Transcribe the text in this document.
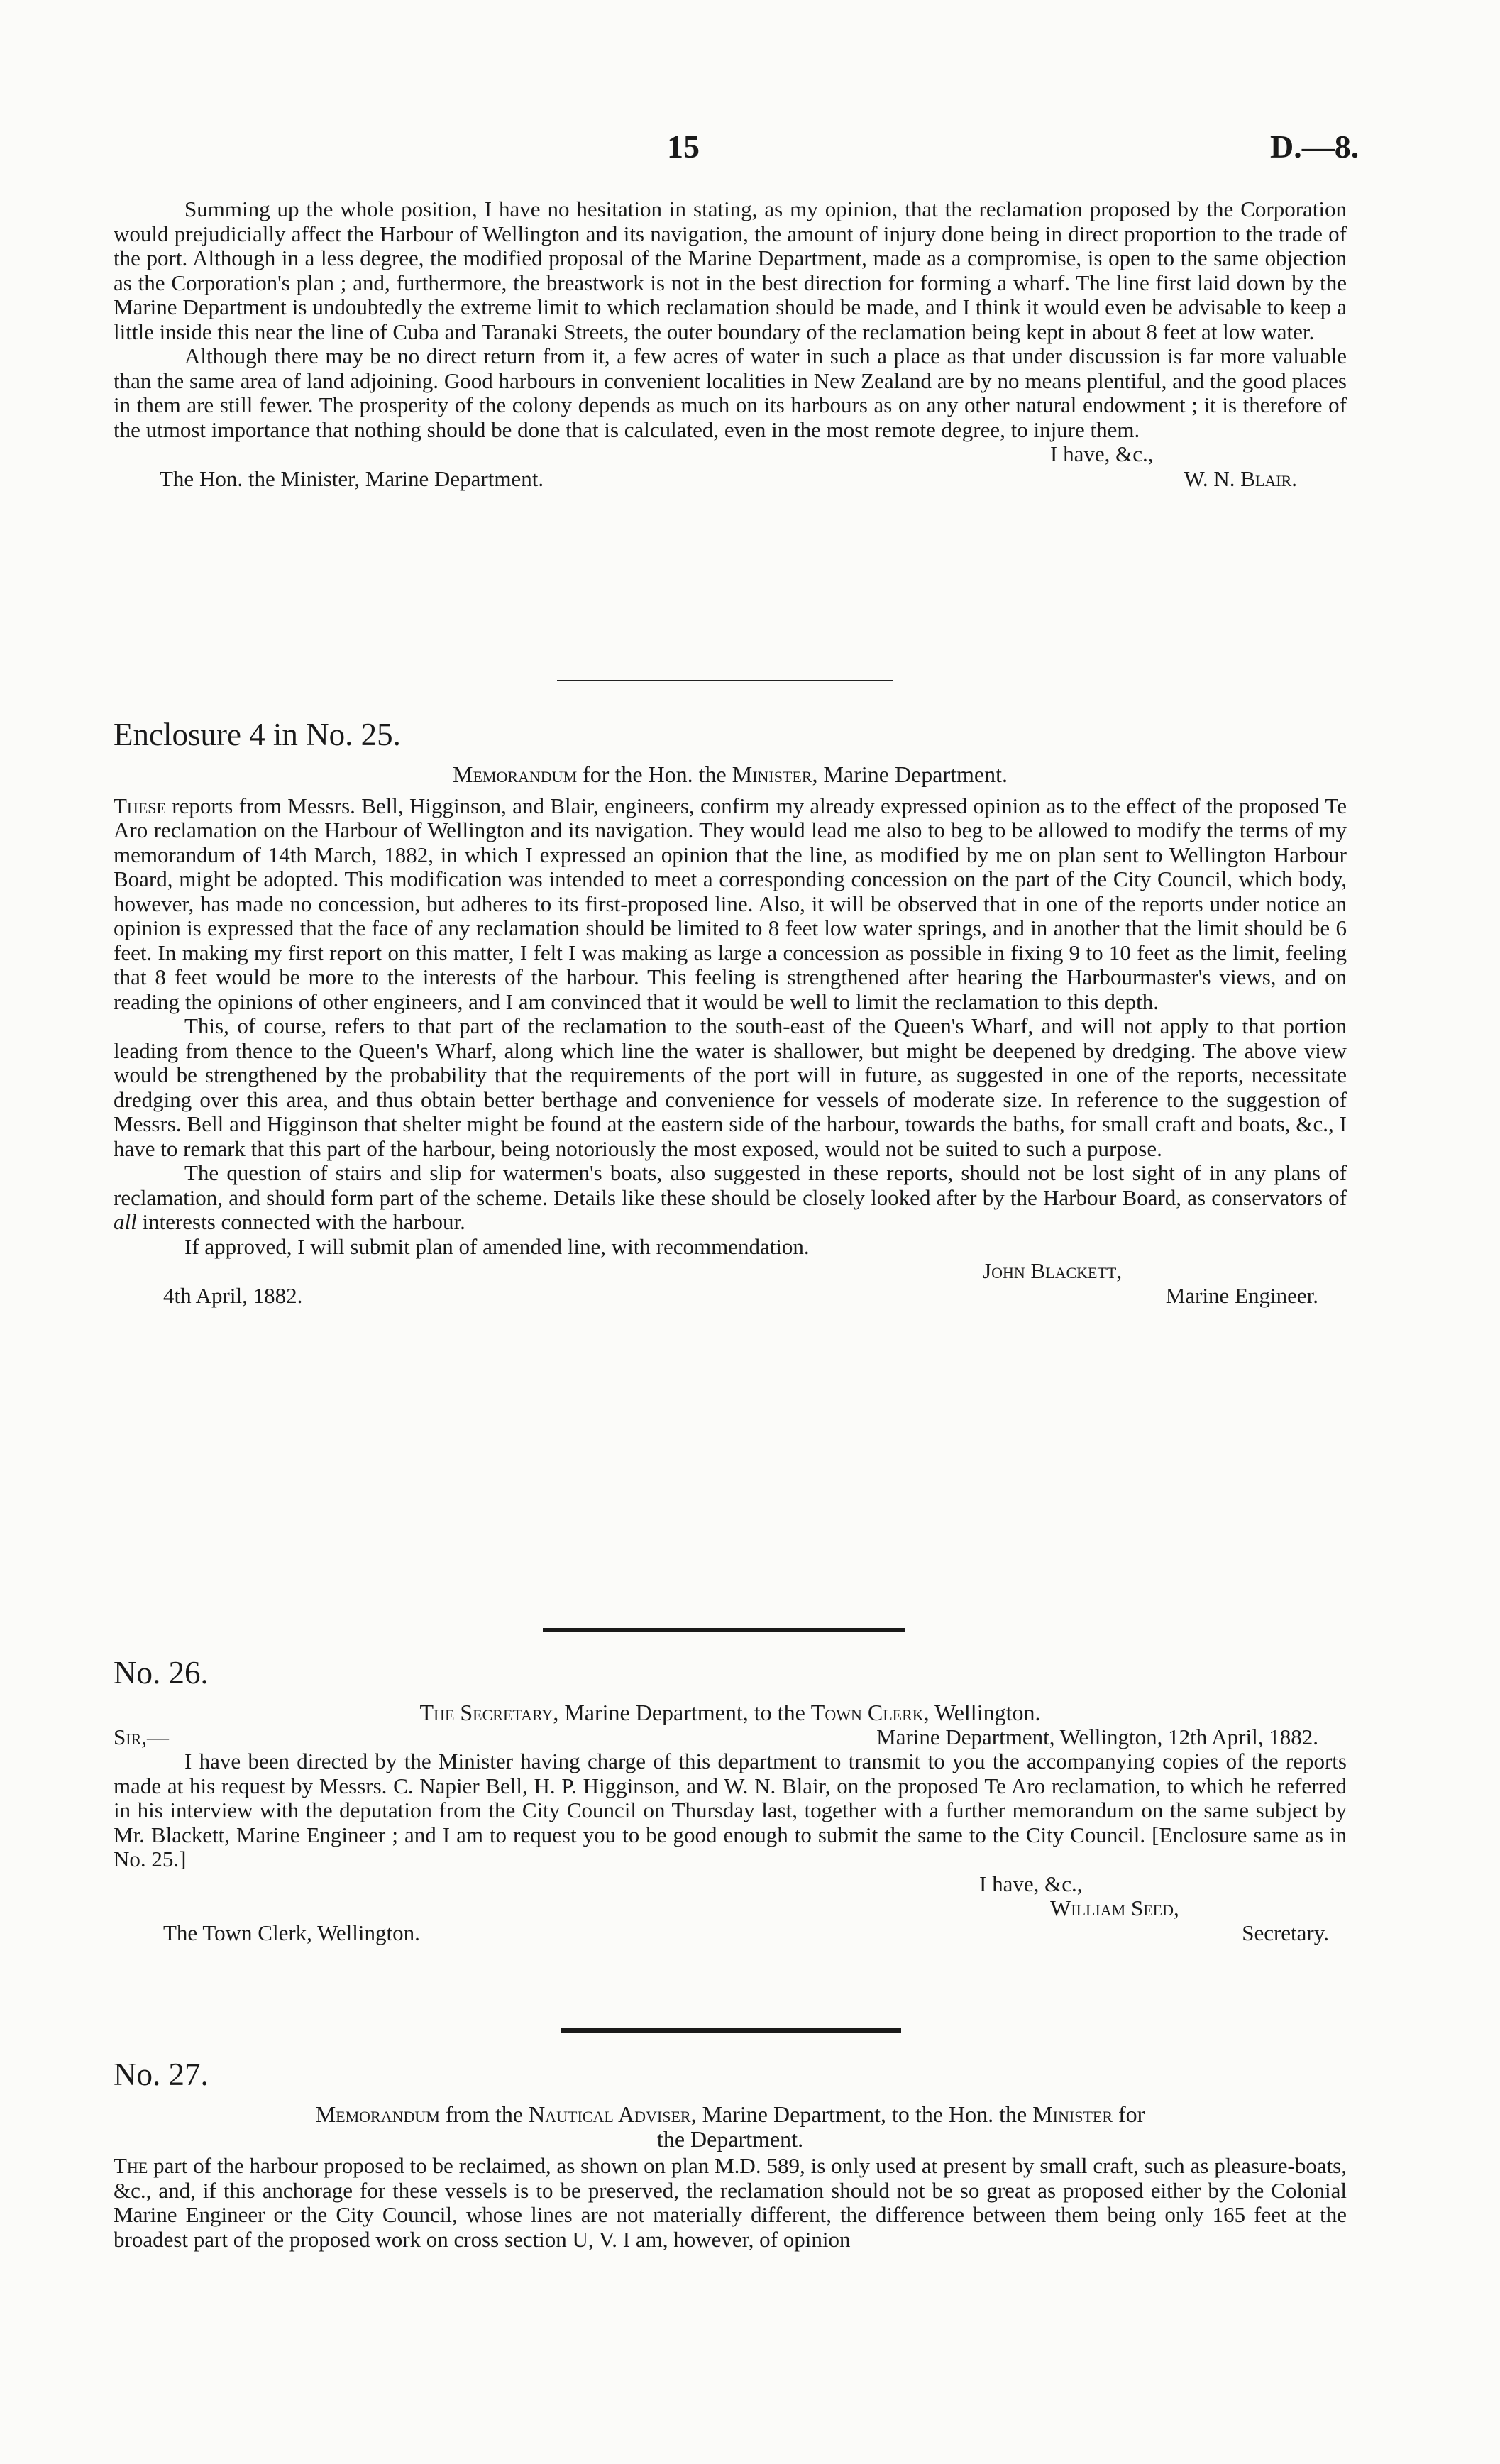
15	D.—8.

Summing up the whole position, I have no hesitation in stating, as my opinion, that the reclamation proposed by the Corporation would prejudicially affect the Harbour of Wellington and its navigation, the amount of injury done being in direct proportion to the trade of the port. Although in a less degree, the modified proposal of the Marine Department, made as a compromise, is open to the same objection as the Corporation's plan ; and, furthermore, the breastwork is not in the best direction for forming a wharf. The line first laid down by the Marine Department is undoubtedly the extreme limit to which reclamation should be made, and I think it would even be advisable to keep a little inside this near the line of Cuba and Taranaki Streets, the outer boundary of the reclamation being kept in about 8 feet at low water.

Although there may be no direct return from it, a few acres of water in such a place as that under discussion is far more valuable than the same area of land adjoining. Good harbours in convenient localities in New Zealand are by no means plentiful, and the good places in them are still fewer. The prosperity of the colony depends as much on its harbours as on any other natural endowment ; it is therefore of the utmost importance that nothing should be done that is calculated, even in the most remote degree, to injure them.

I have, &c.,
The Hon. the Minister, Marine Department.	W. N. Blair.

Enclosure 4 in No. 25.

Memorandum for the Hon. the Minister, Marine Department.

These reports from Messrs. Bell, Higginson, and Blair, engineers, confirm my already expressed opinion as to the effect of the proposed Te Aro reclamation on the Harbour of Wellington and its navigation. They would lead me also to beg to be allowed to modify the terms of my memorandum of 14th March, 1882, in which I expressed an opinion that the line, as modified by me on plan sent to Wellington Harbour Board, might be adopted. This modification was intended to meet a corresponding concession on the part of the City Council, which body, however, has made no concession, but adheres to its first-proposed line. Also, it will be observed that in one of the reports under notice an opinion is expressed that the face of any reclamation should be limited to 8 feet low water springs, and in another that the limit should be 6 feet. In making my first report on this matter, I felt I was making as large a concession as possible in fixing 9 to 10 feet as the limit, feeling that 8 feet would be more to the interests of the harbour. This feeling is strengthened after hearing the Harbourmaster's views, and on reading the opinions of other engineers, and I am convinced that it would be well to limit the reclamation to this depth.

This, of course, refers to that part of the reclamation to the south-east of the Queen's Wharf, and will not apply to that portion leading from thence to the Queen's Wharf, along which line the water is shallower, but might be deepened by dredging. The above view would be strengthened by the probability that the requirements of the port will in future, as suggested in one of the reports, necessitate dredging over this area, and thus obtain better berthage and convenience for vessels of moderate size. In reference to the suggestion of Messrs. Bell and Higginson that shelter might be found at the eastern side of the harbour, towards the baths, for small craft and boats, &c., I have to remark that this part of the harbour, being notoriously the most exposed, would not be suited to such a purpose.

The question of stairs and slip for watermen's boats, also suggested in these reports, should not be lost sight of in any plans of reclamation, and should form part of the scheme. Details like these should be closely looked after by the Harbour Board, as conservators of all interests connected with the harbour.

If approved, I will submit plan of amended line, with recommendation.

John Blackett,
4th April, 1882.	Marine Engineer.

No. 26.

The Secretary, Marine Department, to the Town Clerk, Wellington.

Sir,—	Marine Department, Wellington, 12th April, 1882.

I have been directed by the Minister having charge of this department to transmit to you the accompanying copies of the reports made at his request by Messrs. C. Napier Bell, H. P. Higginson, and W. N. Blair, on the proposed Te Aro reclamation, to which he referred in his interview with the deputation from the City Council on Thursday last, together with a further memorandum on the same subject by Mr. Blackett, Marine Engineer ; and I am to request you to be good enough to submit the same to the City Council. [Enclosure same as in No. 25.]

I have, &c.,
William Seed,
The Town Clerk, Wellington.	Secretary.

No. 27.

Memorandum from the Nautical Adviser, Marine Department, to the Hon. the Minister for
the Department.

The part of the harbour proposed to be reclaimed, as shown on plan M.D. 589, is only used at present by small craft, such as pleasure-boats, &c., and, if this anchorage for these vessels is to be preserved, the reclamation should not be so great as proposed either by the Colonial Marine Engineer or the City Council, whose lines are not materially different, the difference between them being only 165 feet at the broadest part of the proposed work on cross section U, V. I am, however, of opinion
